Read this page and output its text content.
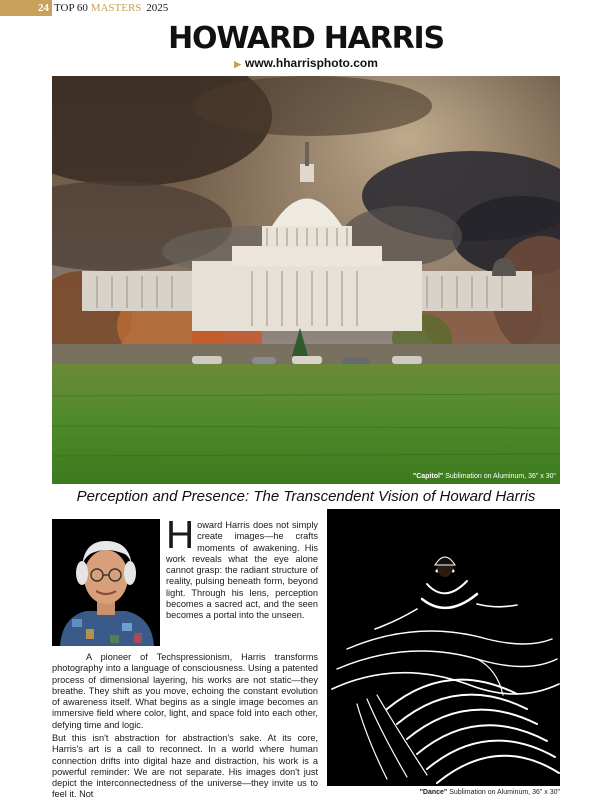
24 TOP 60 MASTERS 2025
HOWARD HARRIS
▶ www.hharrisphoto.com
"Capitol" Sublimation on Aluminum, 36" x 30"
Perception and Presence: The Transcendent Vision of Howard Harris
"Dance" Sublimation on Aluminum, 36" x 30"

Howard Harris does not simply create images—he crafts moments of awakening. His work reveals what the eye alone cannot grasp: the radiant structure of reality, pulsing beneath form, beyond light. Through his lens, perception becomes a sacred act, and the seen becomes a portal into the unseen.

A pioneer of Techspressionism, Harris transforms photography into a language of consciousness. Using a patented process of dimensional layering, his works are not static—they breathe. They shift as you move, echoing the constant evolution of awareness itself. What begins as a single image becomes an immersive field where color, light, and space fold into each other, defying time and logic.

But this isn't abstraction for abstraction's sake. At its core, Harris's art is a call to reconnect. In a world where human connection drifts into digital haze and distraction, his work is a powerful reminder: We are not separate. His images don't just depict the interconnectedness of the universe—they invite us to feel it. Not
